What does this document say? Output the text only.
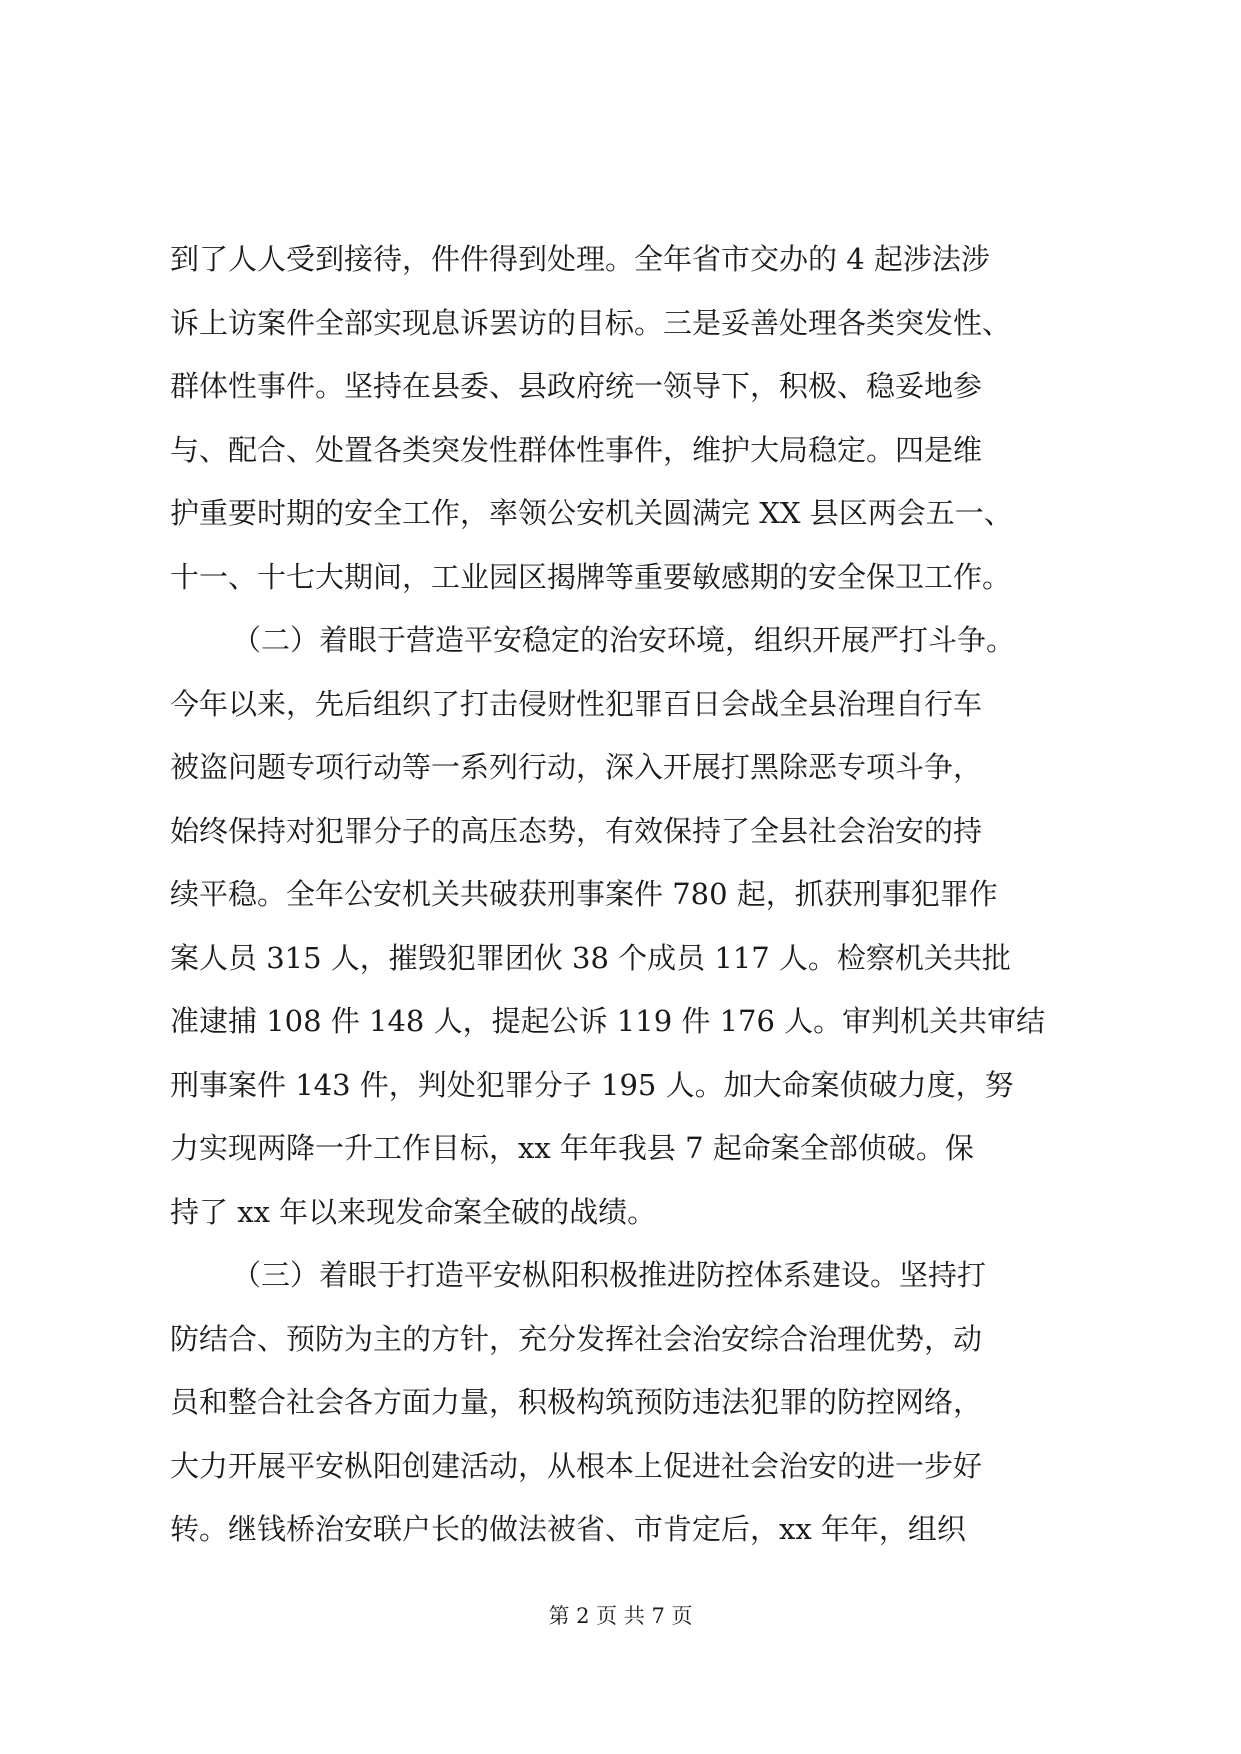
到了人人受到接待，件件得到处理。全年省市交办的 4 起涉法涉
诉上访案件全部实现息诉罢访的目标。三是妥善处理各类突发性、
群体性事件。坚持在县委、县政府统一领导下，积极、稳妥地参
与、配合、处置各类突发性群体性事件，维护大局稳定。四是维
护重要时期的安全工作，率领公安机关圆满完 XX 县区两会五一、
十一、十七大期间，工业园区揭牌等重要敏感期的安全保卫工作。
（二）着眼于营造平安稳定的治安环境，组织开展严打斗争。
今年以来，先后组织了打击侵财性犯罪百日会战全县治理自行车
被盗问题专项行动等一系列行动，深入开展打黑除恶专项斗争，
始终保持对犯罪分子的高压态势，有效保持了全县社会治安的持
续平稳。全年公安机关共破获刑事案件 780 起，抓获刑事犯罪作
案人员 315 人，摧毁犯罪团伙 38 个成员 117 人。检察机关共批
准逮捕 108 件 148 人，提起公诉 119 件 176 人。审判机关共审结
刑事案件 143 件，判处犯罪分子 195 人。加大命案侦破力度，努
力实现两降一升工作目标，xx 年年我县 7 起命案全部侦破。保
持了 xx 年以来现发命案全破的战绩。
（三）着眼于打造平安枞阳积极推进防控体系建设。坚持打
防结合、预防为主的方针，充分发挥社会治安综合治理优势，动
员和整合社会各方面力量，积极构筑预防违法犯罪的防控网络，
大力开展平安枞阳创建活动，从根本上促进社会治安的进一步好
转。继钱桥治安联户长的做法被省、市肯定后，xx 年年，组织
第 2 页 共 7 页
